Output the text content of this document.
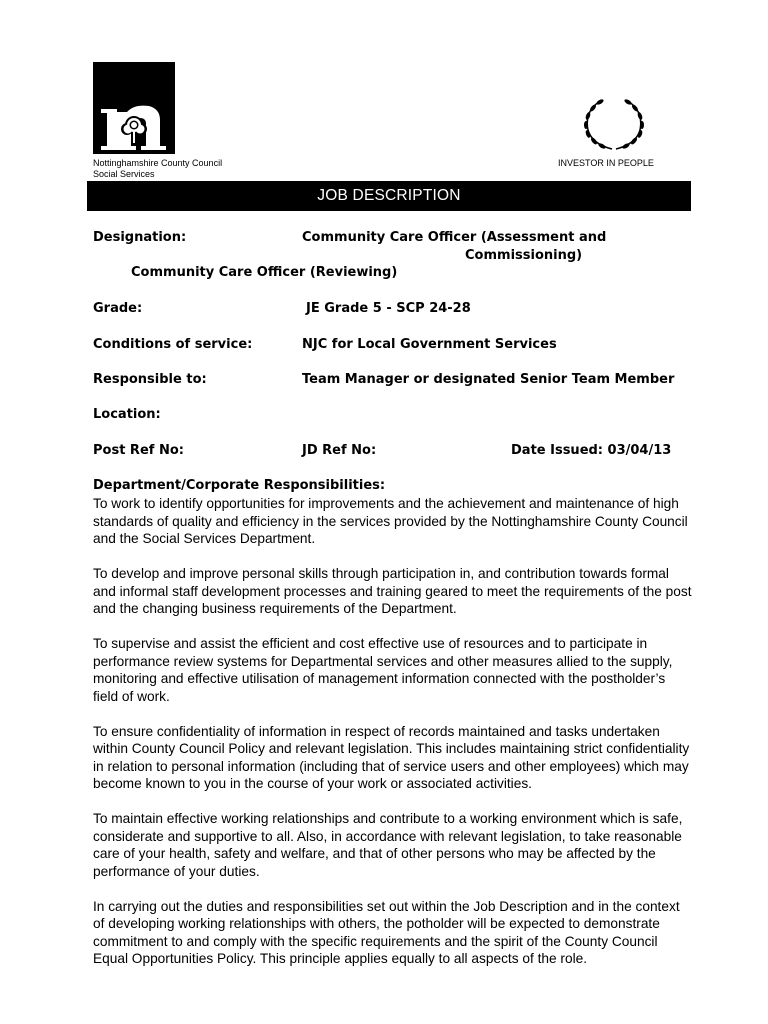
Nottinghamshire County Council
Social Services
INVESTOR IN PEOPLE
JOB DESCRIPTION
Designation:	Community Care Officer (Assessment and
Commissioning)
Community Care Officer (Reviewing)
Grade:	JE Grade 5 - SCP 24-28
Conditions of service:	NJC for Local Government Services
Responsible to:	Team Manager or designated Senior Team Member
Location:
Post Ref No:	JD Ref No:	Date Issued: 03/04/13
Department/Corporate Responsibilities:

To work to identify opportunities for improvements and the achievement and maintenance of high standards of quality and efficiency in the services provided by the Nottinghamshire County Council and the Social Services Department.

To develop and improve personal skills through participation in, and contribution towards formal and informal staff development processes and training geared to meet the requirements of the post and the changing business requirements of the Department.

To supervise and assist the efficient and cost effective use of resources and to participate in performance review systems for Departmental services and other measures allied to the supply, monitoring and effective utilisation of management information connected with the postholder’s field of work.

To ensure confidentiality of information in respect of records maintained and tasks undertaken within County Council Policy and relevant legislation. This includes maintaining strict confidentiality in relation to personal information (including that of service users and other employees) which may become known to you in the course of your work or associated activities.

To maintain effective working relationships and contribute to a working environment which is safe, considerate and supportive to all. Also, in accordance with relevant legislation, to take reasonable care of your health, safety and welfare, and that of other persons who may be affected by the performance of your duties.

In carrying out the duties and responsibilities set out within the Job Description and in the context of developing working relationships with others, the potholder will be expected to demonstrate commitment to and comply with the specific requirements and the spirit of the County Council Equal Opportunities Policy. This principle applies equally to all aspects of the role.
